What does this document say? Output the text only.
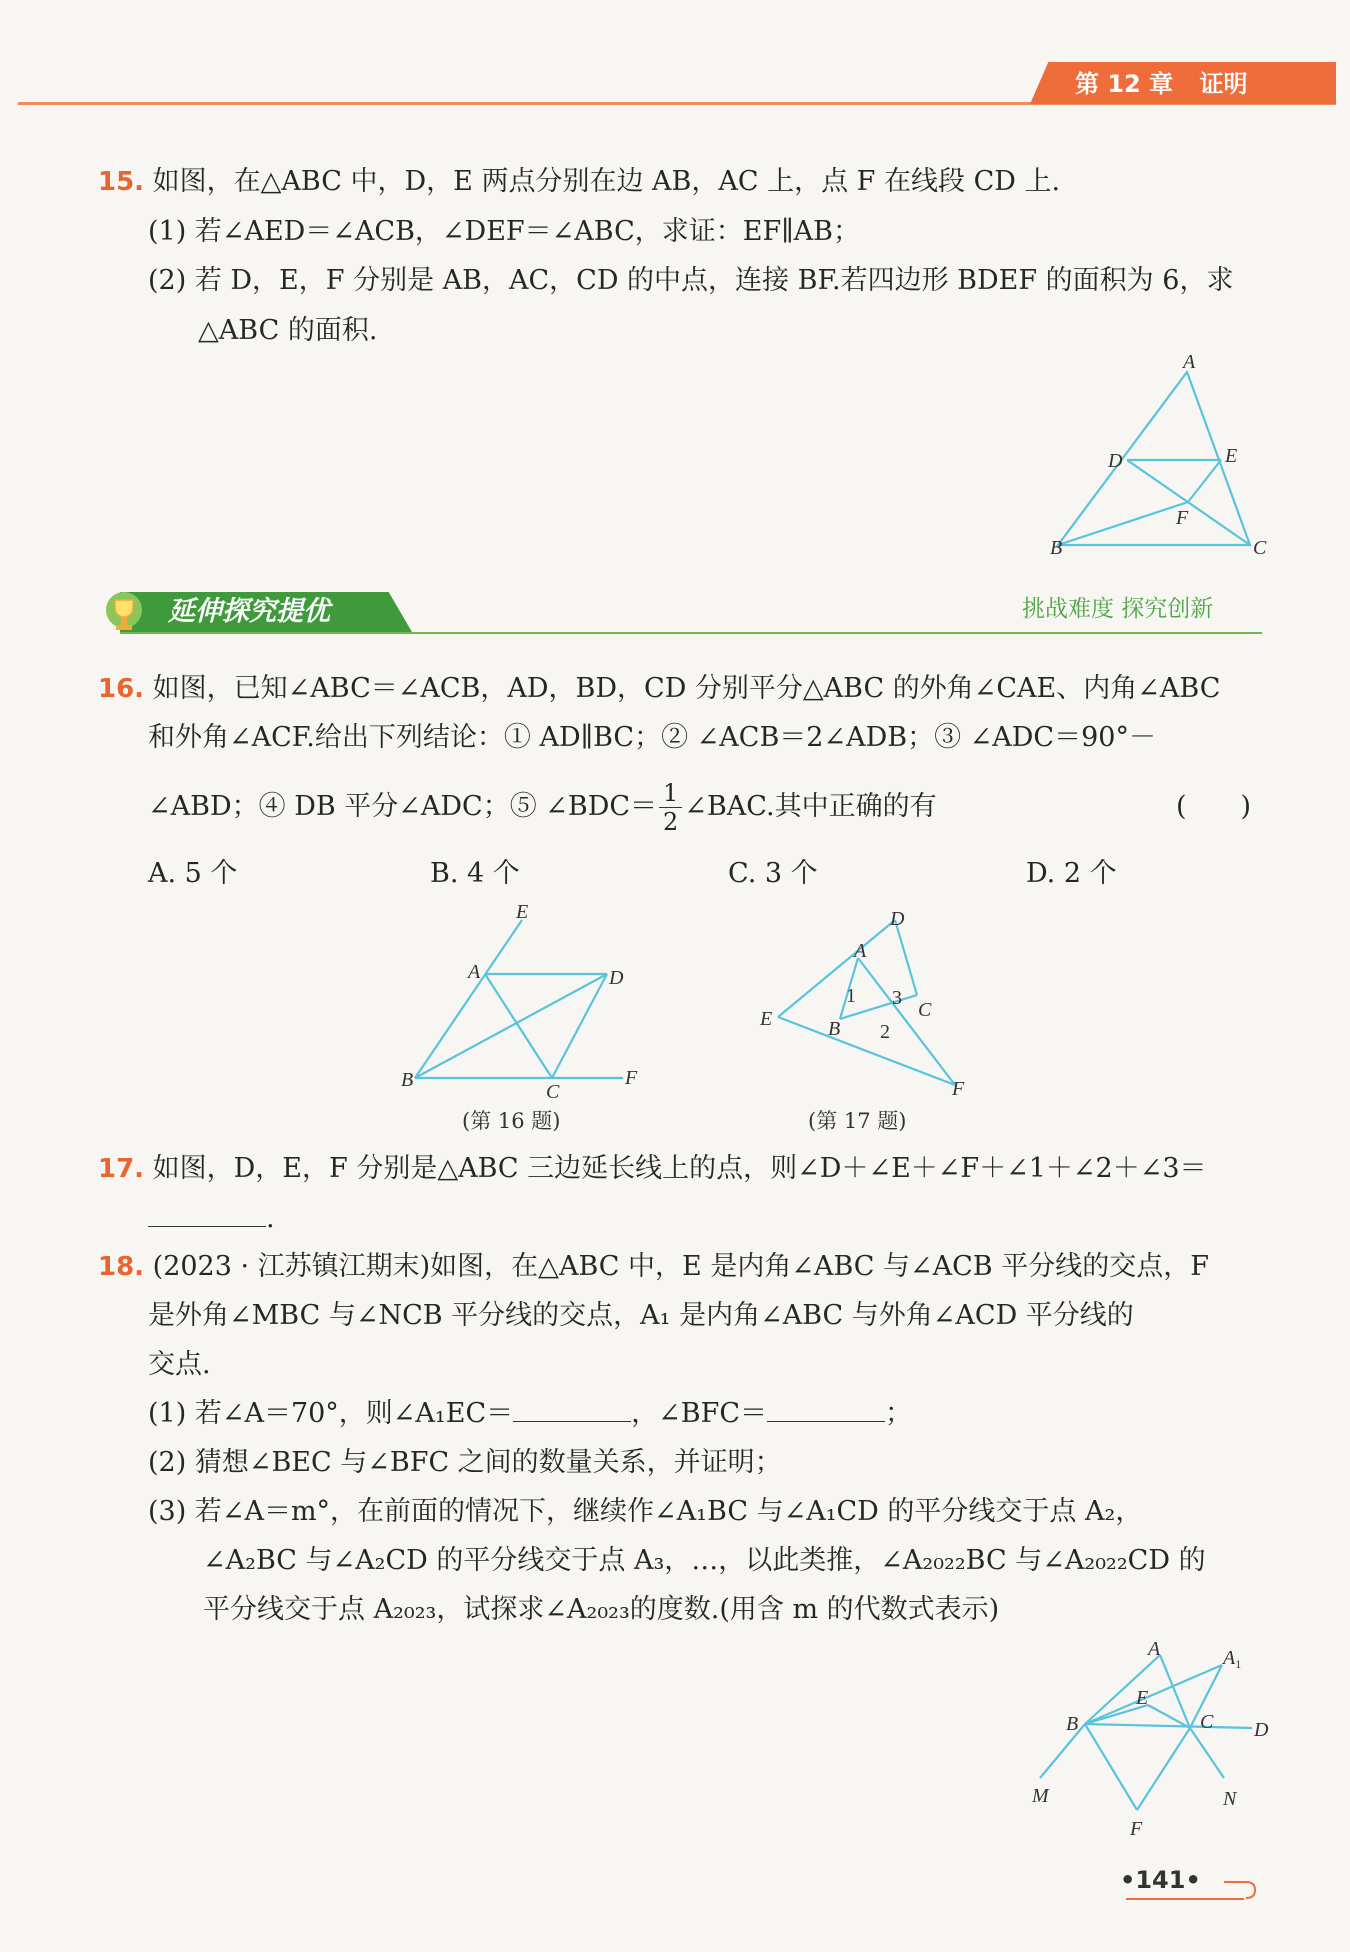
第 12 章 证明
15. 如图，在△ABC 中，D，E 两点分别在边 AB，AC 上，点 F 在线段 CD 上.
(1) 若∠AED＝∠ACB，∠DEF＝∠ABC，求证：EF∥AB；
(2) 若 D，E，F 分别是 AB，AC，CD 的中点，连接 BF.若四边形 BDEF 的面积为 6，求
△ABC 的面积.
A
D	E
F
B	C
延伸探究提优	挑战难度 探究创新
16. 如图，已知∠ABC＝∠ACB，AD，BD，CD 分别平分△ABC 的外角∠CAE、内角∠ABC
和外角∠ACF.给出下列结论：① AD∥BC；② ∠ACB＝2∠ADB；③ ∠ADC＝90°－
∠ABD；④ DB 平分∠ADC；⑤ ∠BDC＝ $\frac{1}{2}$ ∠BAC.其中正确的有	(　　)
A. 5 个	B. 4 个	C. 3 个	D. 2 个
E
A	D
B
C
F
(第 16 题)
D
A
1 3
E	C
B 2
F
(第 17 题)
17. 如图，D，E，F 分别是△ABC 三边延长线上的点，则∠D＋∠E＋∠F＋∠1＋∠2＋∠3＝
.
18. (2023 · 江苏镇江期末)如图，在△ABC 中，E 是内角∠ABC 与∠ACB 平分线的交点，F
是外角∠MBC 与∠NCB 平分线的交点，A₁ 是内角∠ABC 与外角∠ACD 平分线的
交点.
(1) 若∠A＝70°，则∠A₁EC＝	，∠BFC＝	；
(2) 猜想∠BEC 与∠BFC 之间的数量关系，并证明；
(3) 若∠A＝m°，在前面的情况下，继续作∠A₁BC 与∠A₁CD 的平分线交于点 A₂，
∠A₂BC 与∠A₂CD 的平分线交于点 A₃，…，以此类推，∠A₂₀₂₂BC 与∠A₂₀₂₂CD 的
平分线交于点 A₂₀₂₃，试探求∠A₂₀₂₃的度数.(用含 m 的代数式表示)
A	$A_1$
E
B	C D
M	N
F
•141•
